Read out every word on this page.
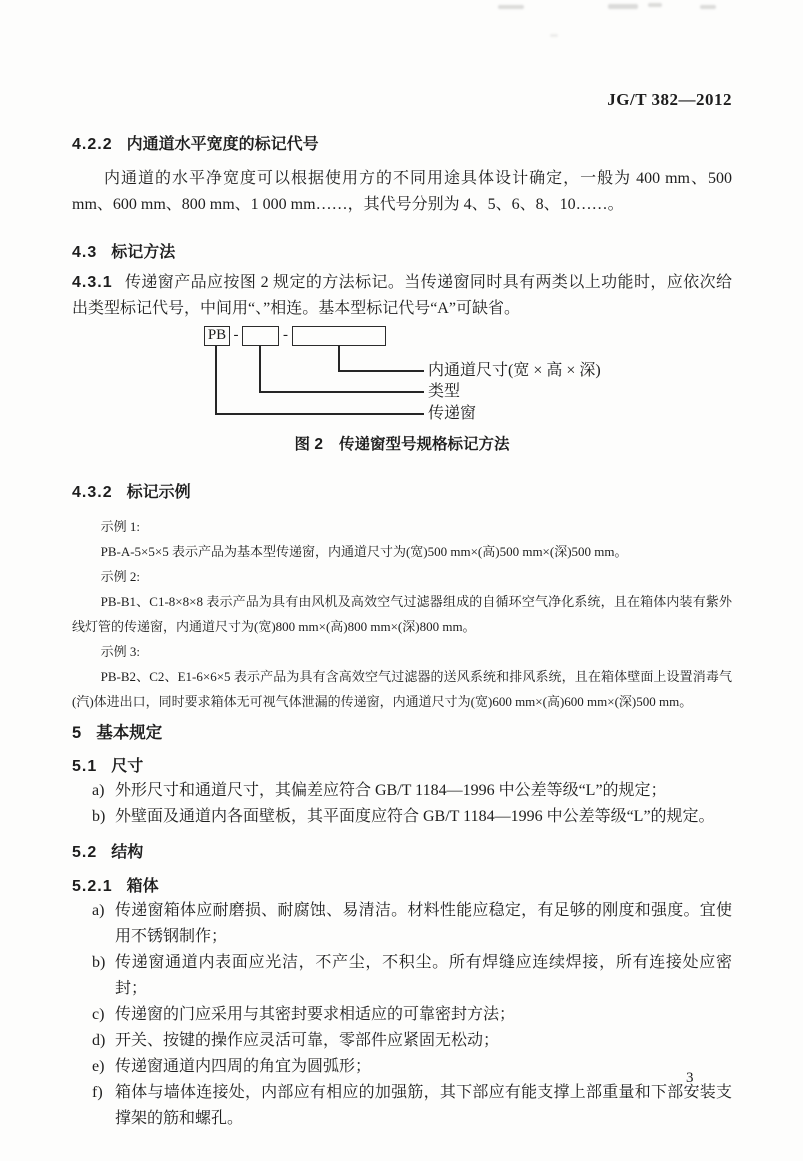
JG/T 382—2012
4.2.2 内通道水平宽度的标记代号

内通道的水平净宽度可以根据使用方的不同用途具体设计确定，一般为 400 mm、500 mm、600 mm、800 mm、1 000 mm……，其代号分别为 4、5、6、8、10……。

4.3 标记方法

4.3.1 传递窗产品应按图 2 规定的方法标记。当传递窗同时具有两类以上功能时，应依次给出类型标记代号，中间用“、”相连。基本型标记代号“A”可缺省。

PB -	-
内通道尺寸(宽 × 高 × 深)
类型
传递窗
图 2 传递窗型号规格标记方法
4.3.2 标记示例

示例 1:

PB-A-5×5×5 表示产品为基本型传递窗，内通道尺寸为(宽)500 mm×(高)500 mm×(深)500 mm。

示例 2:

PB-B1、C1-8×8×8 表示产品为具有由风机及高效空气过滤器组成的自循环空气净化系统，且在箱体内装有紫外线灯管的传递窗，内通道尺寸为(宽)800 mm×(高)800 mm×(深)800 mm。

示例 3:

PB-B2、C2、E1-6×6×5 表示产品为具有含高效空气过滤器的送风系统和排风系统，且在箱体壁面上设置消毒气(汽)体进出口，同时要求箱体无可视气体泄漏的传递窗，内通道尺寸为(宽)600 mm×(高)600 mm×(深)500 mm。

5 基本规定
5.1 尺寸
a) 外形尺寸和通道尺寸，其偏差应符合 GB/T 1184—1996 中公差等级“L”的规定；
b) 外壁面及通道内各面壁板，其平面度应符合 GB/T 1184—1996 中公差等级“L”的规定。
5.2 结构
5.2.1 箱体
a) 传递窗箱体应耐磨损、耐腐蚀、易清洁。材料性能应稳定，有足够的刚度和强度。宜使用不锈钢制作；
b) 传递窗通道内表面应光洁，不产尘，不积尘。所有焊缝应连续焊接，所有连接处应密封；
c) 传递窗的门应采用与其密封要求相适应的可靠密封方法；
d) 开关、按键的操作应灵活可靠，零部件应紧固无松动；
e) 传递窗通道内四周的角宜为圆弧形；
f) 箱体与墙体连接处，内部应有相应的加强筋，其下部应有能支撑上部重量和下部安装支撑架的筋和螺孔。
3
